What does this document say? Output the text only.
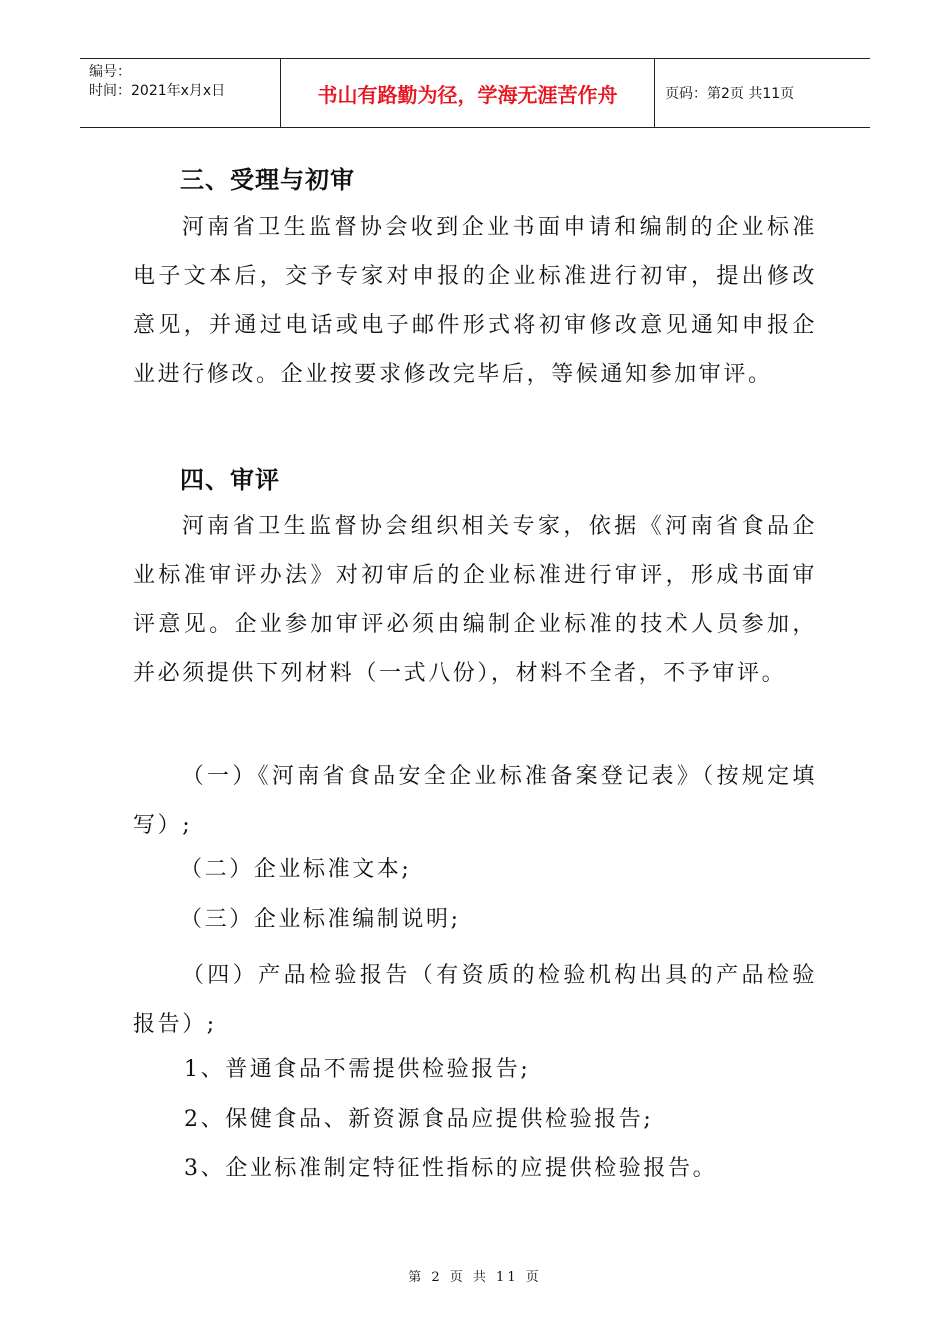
编号：
时间：2021年x月x日	书山有路勤为径，学海无涯苦作舟	页码：第2页 共11页
三、受理与初审
河南省卫生监督协会收到企业书面申请和编制的企业标准电子文本后，交予专家对申报的企业标准进行初审，提出修改意见，并通过电话或电子邮件形式将初审修改意见通知申报企业进行修改。企业按要求修改完毕后，等候通知参加审评。
四、审评
河南省卫生监督协会组织相关专家，依据《河南省食品企业标准审评办法》对初审后的企业标准进行审评，形成书面审评意见。企业参加审评必须由编制企业标准的技术人员参加，并必须提供下列材料（一式八份），材料不全者，不予审评。
（一）《河南省食品安全企业标准备案登记表》（按规定填写）;
（二）企业标准文本;
（三）企业标准编制说明;
（四）产品检验报告（有资质的检验机构出具的产品检验报告）;
1、普通食品不需提供检验报告;
2、保健食品、新资源食品应提供检验报告;
3、企业标准制定特征性指标的应提供检验报告。
第 2 页 共 11 页
